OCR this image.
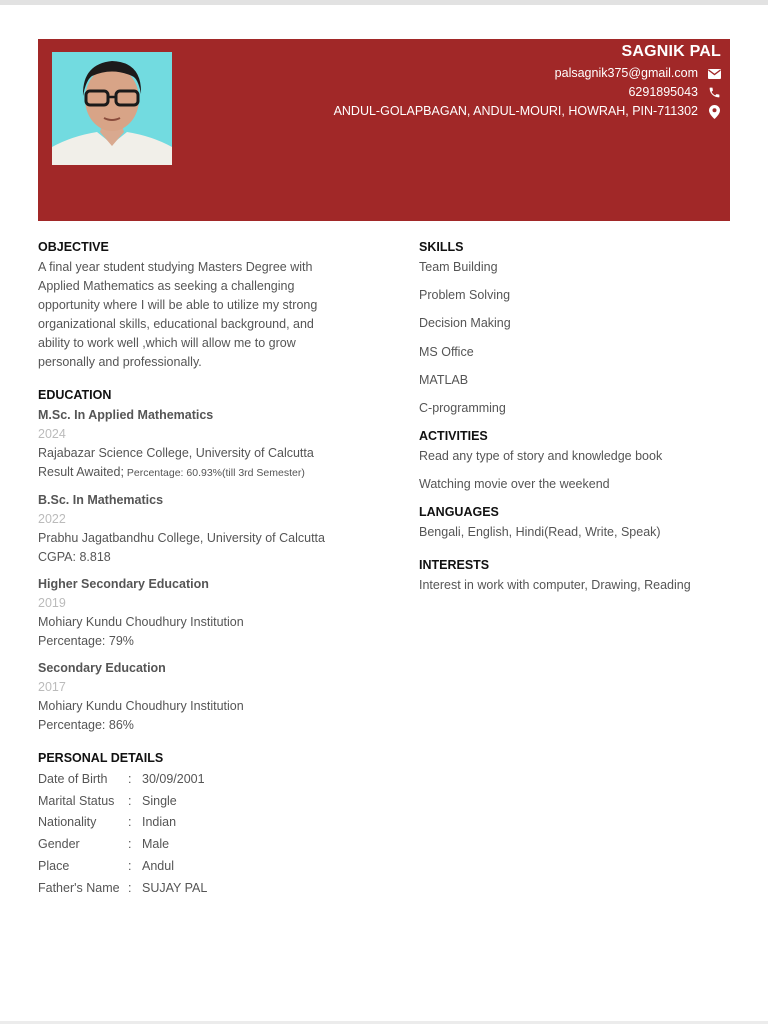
SAGNIK PAL
palsagnik375@gmail.com
6291895043
ANDUL-GOLAPBAGAN, ANDUL-MOURI, HOWRAH, PIN-711302
OBJECTIVE
A final year student studying Masters Degree with
Applied Mathematics as seeking a challenging
opportunity where I will be able to utilize my strong
organizational skills, educational background, and
ability to work well ,which will allow me to grow
personally and professionally.
EDUCATION
M.Sc. In Applied Mathematics
2024
Rajabazar Science College, University of Calcutta
Result Awaited; Percentage: 60.93%(till 3rd Semester)
B.Sc. In Mathematics
2022
Prabhu Jagatbandhu College, University of Calcutta
CGPA: 8.818
Higher Secondary Education
2019
Mohiary Kundu Choudhury Institution
Percentage: 79%
Secondary Education
2017
Mohiary Kundu Choudhury Institution
Percentage: 86%
PERSONAL DETAILS
Date of Birth	: 30/09/2001
Marital Status	: Single
Nationality	: Indian
Gender	: Male
Place	: Andul
Father's Name : SUJAY PAL
SKILLS
Team Building
Problem Solving
Decision Making
MS Office
MATLAB
C-programming
ACTIVITIES
Read any type of story and knowledge book
Watching movie over the weekend
LANGUAGES
Bengali, English, Hindi(Read, Write, Speak)
INTERESTS
Interest in work with computer, Drawing, Reading
